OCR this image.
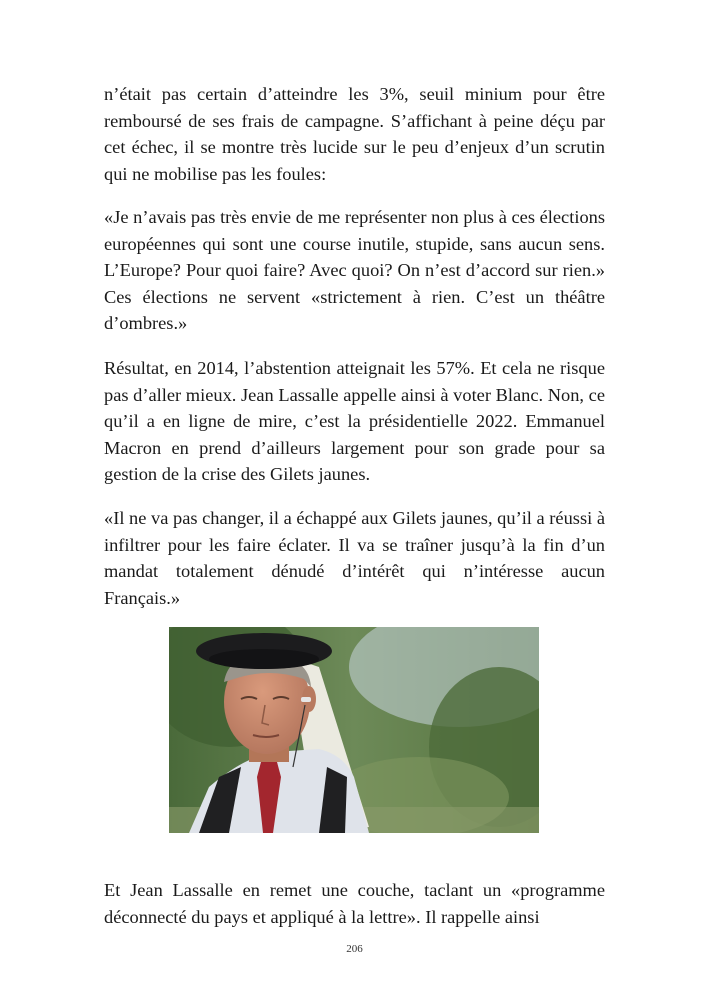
n’était pas certain d’atteindre les 3%, seuil minium pour être remboursé de ses frais de campagne. S’affichant à peine déçu par cet échec, il se montre très lucide sur le peu d’enjeux d’un scrutin qui ne mobilise pas les foules:

«Je n’avais pas très envie de me représenter non plus à ces élections européennes qui sont une course inutile, stupide, sans aucun sens. L’Europe? Pour quoi faire? Avec quoi? On n’est d’accord sur rien.» Ces élections ne servent «strictement à rien. C’est un théâtre d’ombres.»

Résultat, en 2014, l’abstention atteignait les 57%. Et cela ne risque pas d’aller mieux. Jean Lassalle appelle ainsi à voter Blanc. Non, ce qu’il a en ligne de mire, c’est la présidentielle 2022. Emmanuel Macron en prend d’ailleurs largement pour son grade pour sa gestion de la crise des Gilets jaunes.

«Il ne va pas changer, il a échappé aux Gilets jaunes, qu’il a réussi à infiltrer pour les faire éclater. Il va se traîner jusqu’à la fin d’un mandat totalement dénudé d’intérêt qui n’intéresse aucun Français.»

Et Jean Lassalle en remet une couche, taclant un «programme déconnecté du pays et appliqué à la lettre». Il rappelle ainsi

206
